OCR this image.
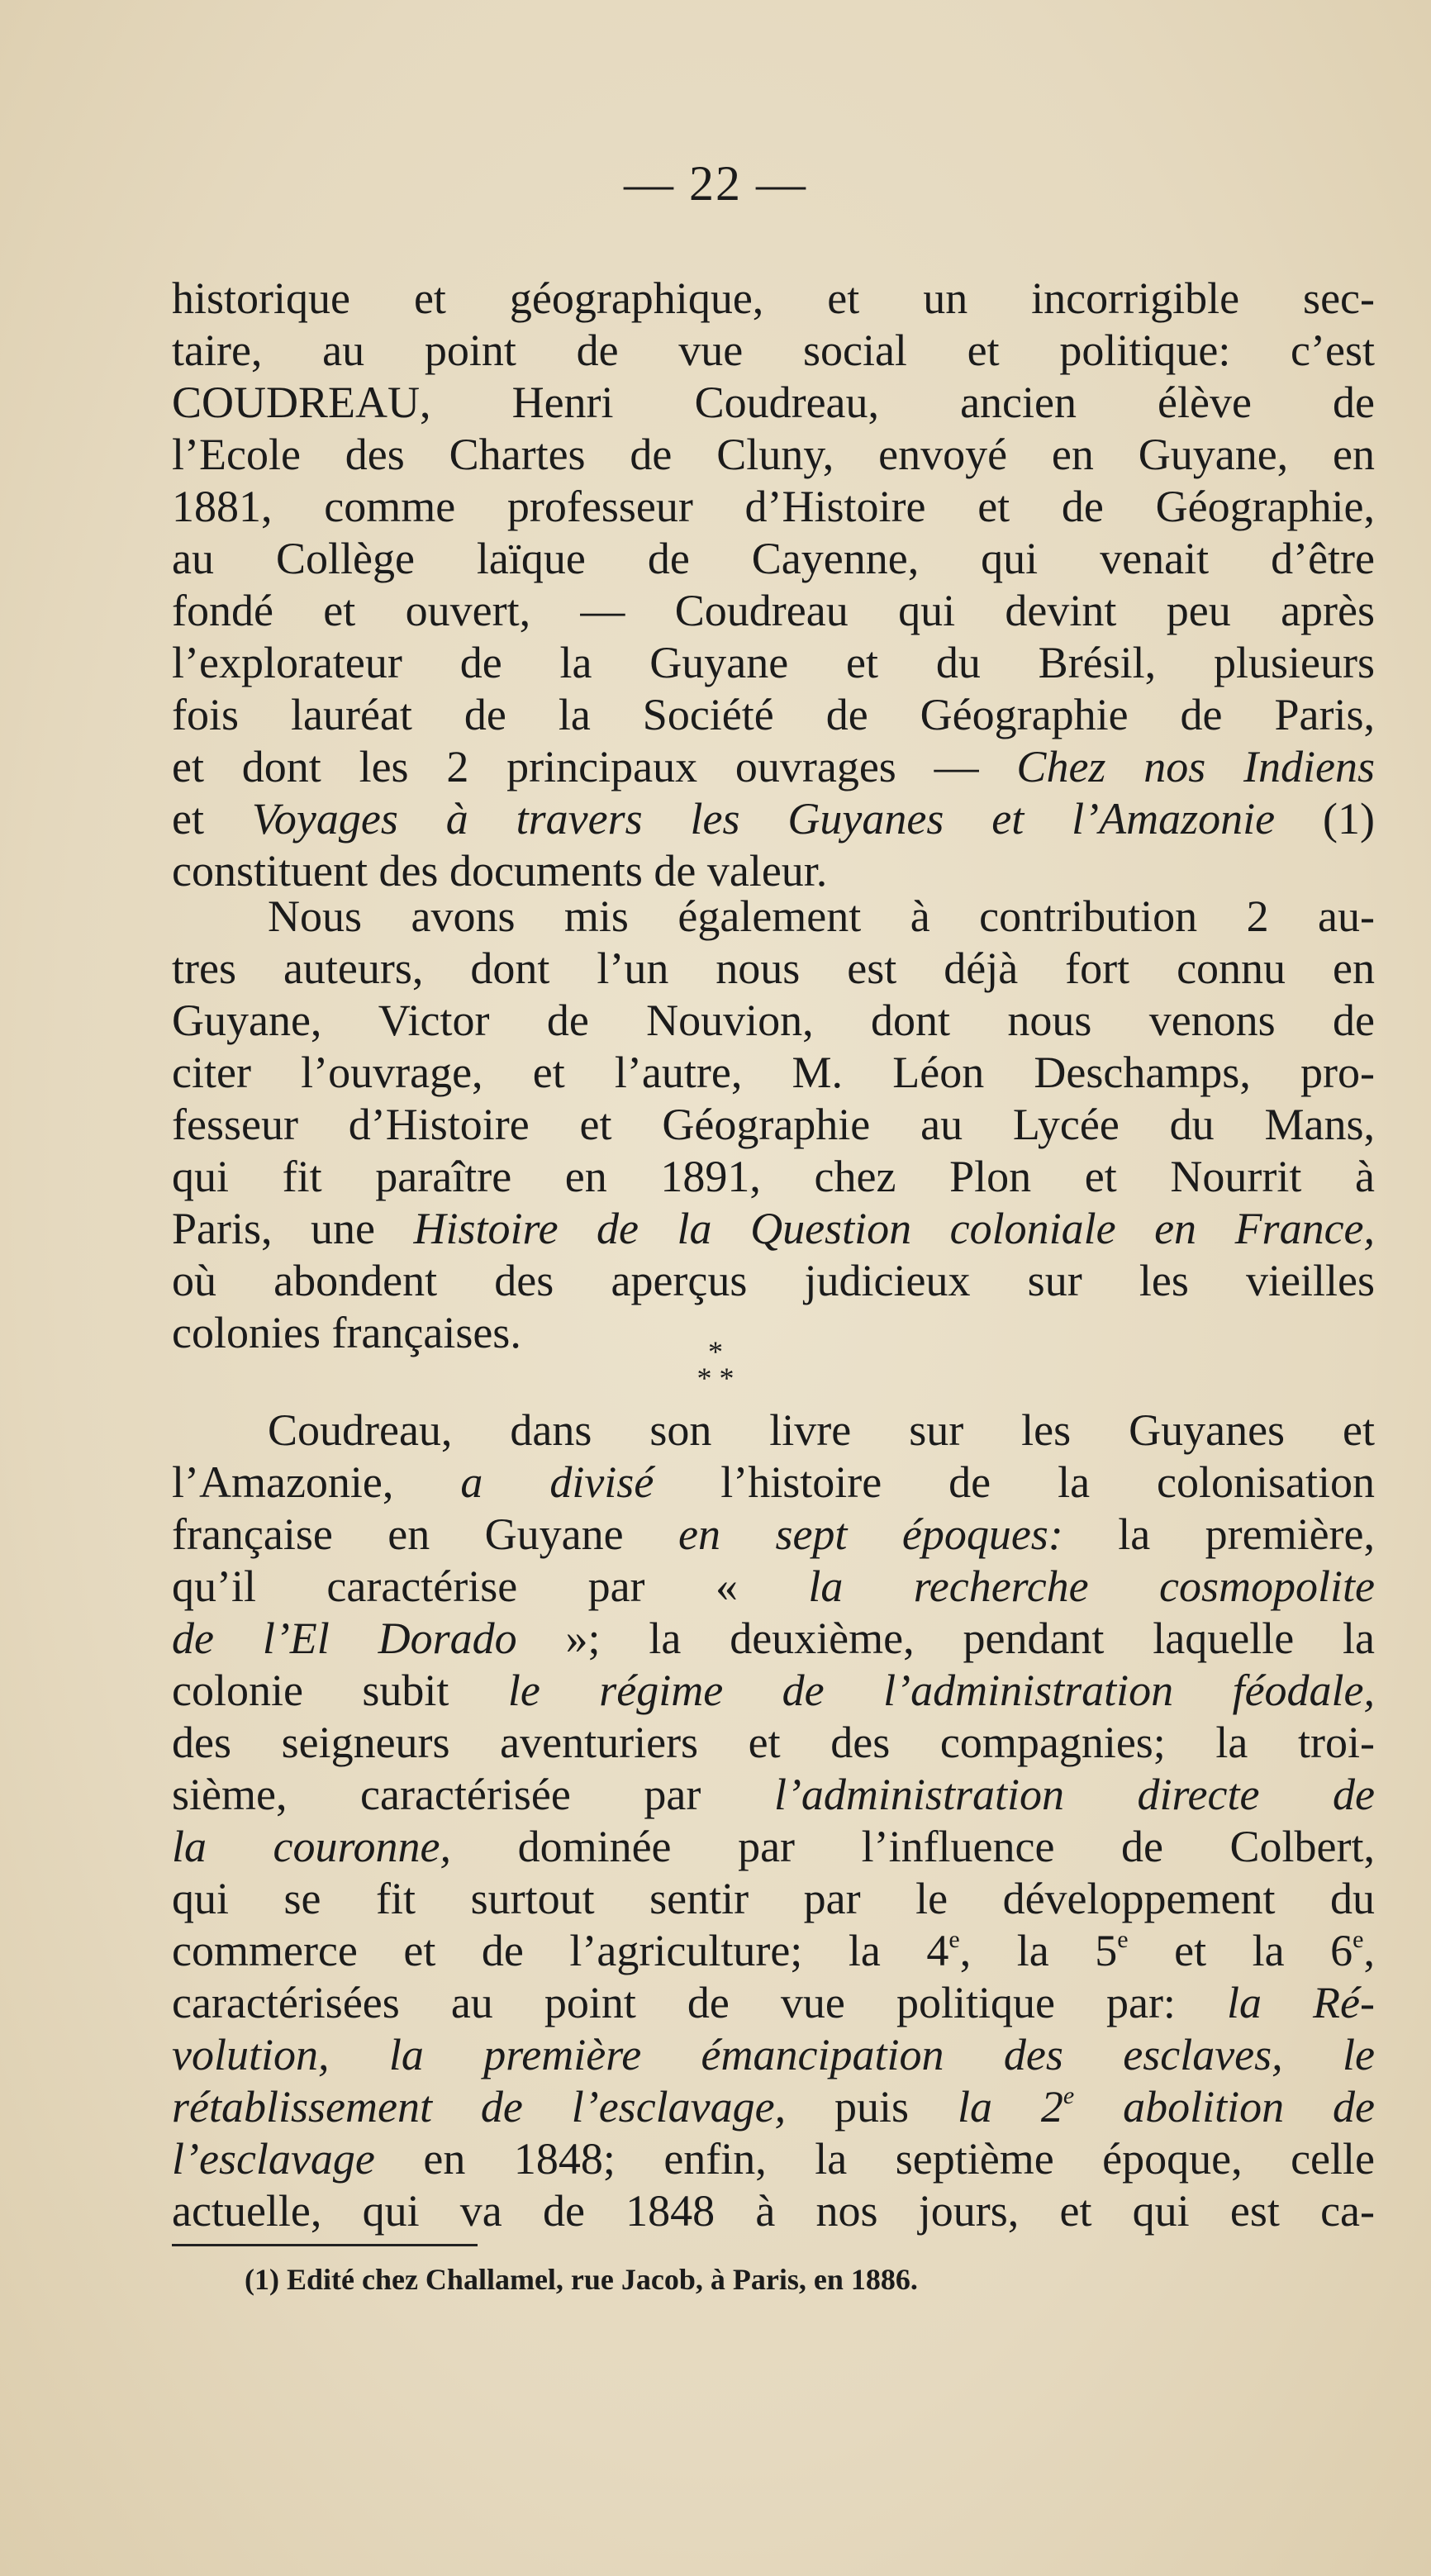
— 22 —
historique et géographique, et un incorrigible sec-
taire, au point de vue social et politique: c’est
COUDREAU, Henri Coudreau, ancien élève de
l’Ecole des Chartes de Cluny, envoyé en Guyane, en
1881, comme professeur d’Histoire et de Géographie,
au Collège laïque de Cayenne, qui venait d’être
fondé et ouvert, — Coudreau qui devint peu après
l’explorateur de la Guyane et du Brésil, plusieurs
fois lauréat de la Société de Géographie de Paris,
et dont les 2 principaux ouvrages — Chez nos Indiens
et Voyages à travers les Guyanes et l’Amazonie (1)
constituent des documents de valeur.
Nous avons mis également à contribution 2 au-
tres auteurs, dont l’un nous est déjà fort connu en
Guyane, Victor de Nouvion, dont nous venons de
citer l’ouvrage, et l’autre, M. Léon Deschamps, pro-
fesseur d’Histoire et Géographie au Lycée du Mans,
qui fit paraître en 1891, chez Plon et Nourrit à
Paris, une Histoire de la Question coloniale en France,
où abondent des aperçus judicieux sur les vieilles
colonies françaises.	*
* *
Coudreau, dans son livre sur les Guyanes et
l’Amazonie, a divisé l’histoire de la colonisation
française en Guyane en sept époques: la première,
qu’il caractérise par « la recherche cosmopolite
de l’El Dorado »; la deuxième, pendant laquelle la
colonie subit le régime de l’administration féodale,
des seigneurs aventuriers et des compagnies; la troi-
sième, caractérisée par l’administration directe de
la couronne, dominée par l’influence de Colbert,
qui se fit surtout sentir par le développement du
commerce et de l’agriculture; la 4e, la 5e et la 6e,
caractérisées au point de vue politique par: la Ré-
volution, la première émancipation des esclaves, le
rétablissement de l’esclavage, puis la 2e abolition de
l’esclavage en 1848; enfin, la septième époque, celle
actuelle, qui va de 1848 à nos jours, et qui est ca-
(1) Edité chez Challamel, rue Jacob, à Paris, en 1886.
